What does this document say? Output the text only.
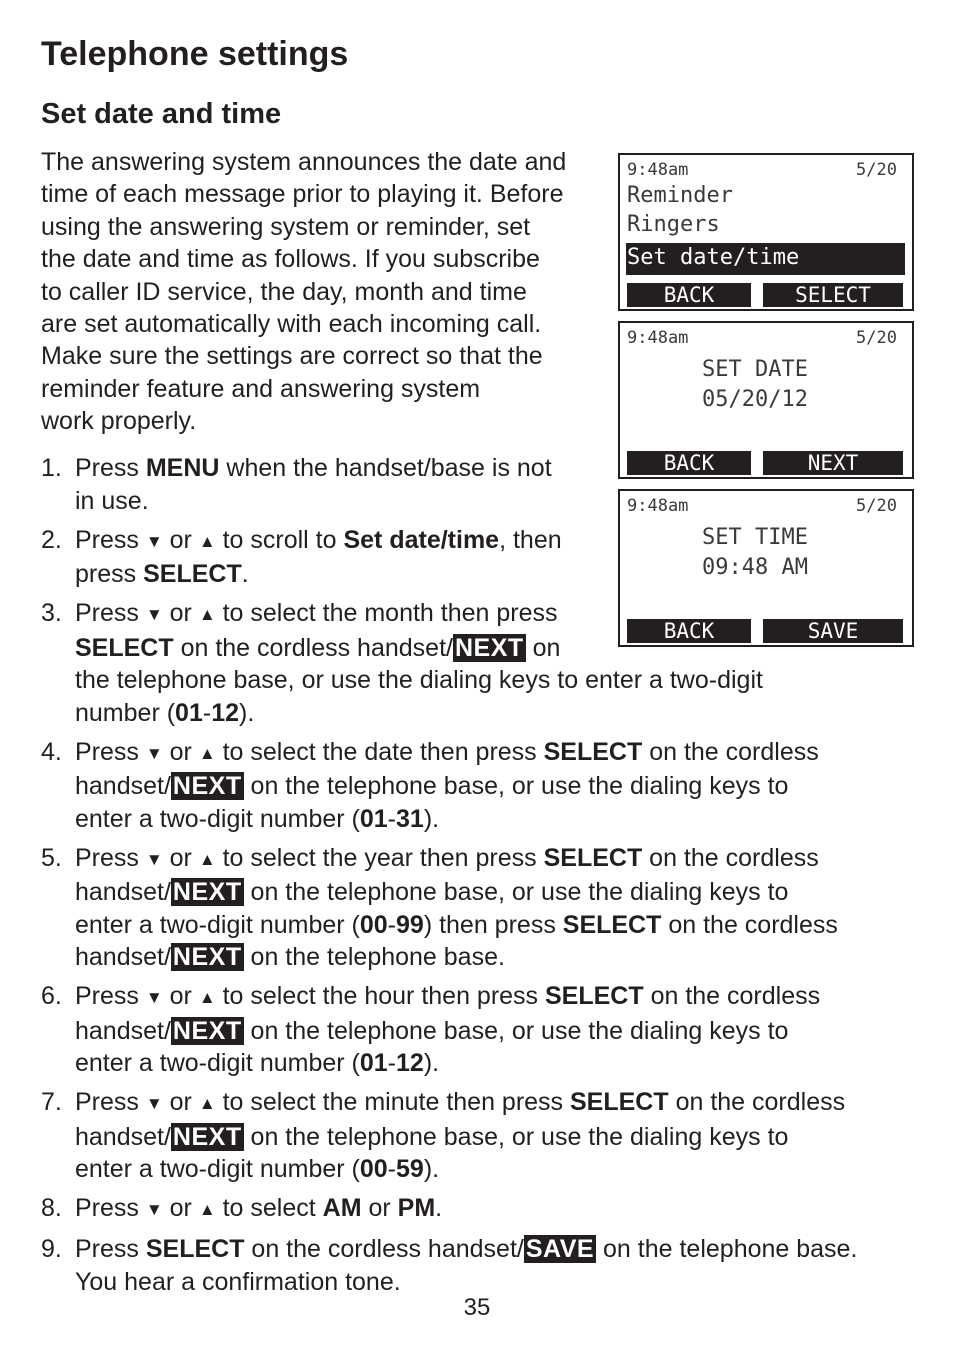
Telephone settings
Set date and time

The answering system announces the date and
time of each message prior to playing it. Before
using the answering system or reminder, set
the date and time as follows. If you subscribe
to caller ID service, the day, month and time
are set automatically with each incoming call.
Make sure the settings are correct so that the
reminder feature and answering system
work properly.

9:48am	5/20
Reminder
Ringers
Set date/time
BACK	SELECT
9:48am	5/20
SET DATE
05/20/12
BACK	NEXT
9:48am	5/20
SET TIME
09:48 AM
BACK	SAVE
1. Press MENU when the handset/base is not
in use.
2. Press ▼ or ▲ to scroll to Set date/time, then
press SELECT.
3. Press ▼ or ▲ to select the month then press
SELECT on the cordless handset/NEXT on
the telephone base, or use the dialing keys to enter a two-digit
number (01-12).
4. Press ▼ or ▲ to select the date then press SELECT on the cordless
handset/NEXT on the telephone base, or use the dialing keys to
enter a two-digit number (01-31).
5. Press ▼ or ▲ to select the year then press SELECT on the cordless
handset/NEXT on the telephone base, or use the dialing keys to
enter a two-digit number (00-99) then press SELECT on the cordless
handset/NEXT on the telephone base.
6. Press ▼ or ▲ to select the hour then press SELECT on the cordless
handset/NEXT on the telephone base, or use the dialing keys to
enter a two-digit number (01-12).
7. Press ▼ or ▲ to select the minute then press SELECT on the cordless
handset/NEXT on the telephone base, or use the dialing keys to
enter a two-digit number (00-59).
8. Press ▼ or ▲ to select AM or PM.
9. Press SELECT on the cordless handset/SAVE on the telephone base.
You hear a confirmation tone.
35
